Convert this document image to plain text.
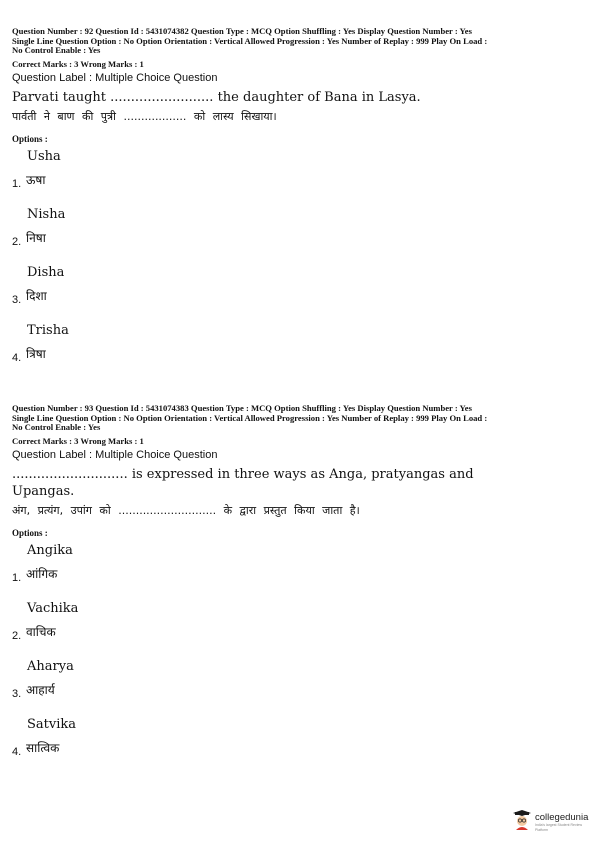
Question Number : 92 Question Id : 5431074382 Question Type : MCQ Option Shuffling : Yes Display Question Number : Yes
Single Line Question Option : No Option Orientation : Vertical Allowed Progression : Yes Number of Replay : 999 Play On Load :
No Control Enable : Yes

Correct Marks : 3 Wrong Marks : 1
Question Label : Multiple Choice Question
Parvati taught ......................... the daughter of Bana in Lasya.
पार्वती ने बाण की पुत्री .................. को लास्य सिखाया।
Options :
Usha
1. ऊषा
Nisha
2. निषा
Disha
3. दिशा
Trisha
4. त्रिषा

Question Number : 93 Question Id : 5431074383 Question Type : MCQ Option Shuffling : Yes Display Question Number : Yes
Single Line Question Option : No Option Orientation : Vertical Allowed Progression : Yes Number of Replay : 999 Play On Load :
No Control Enable : Yes

Correct Marks : 3 Wrong Marks : 1
Question Label : Multiple Choice Question
............................ is expressed in three ways as Anga, pratyangas and Upangas.
अंग, प्रत्यंग, उपांग को ............................ के द्वारा प्रस्तुत किया जाता है।
Options :
Angika
1. आंगिक
Vachika
2. वाचिक
Aharya
3. आहार्य
Satvika
4. सात्विक
collegedunia
India's largest Student Review Platform
